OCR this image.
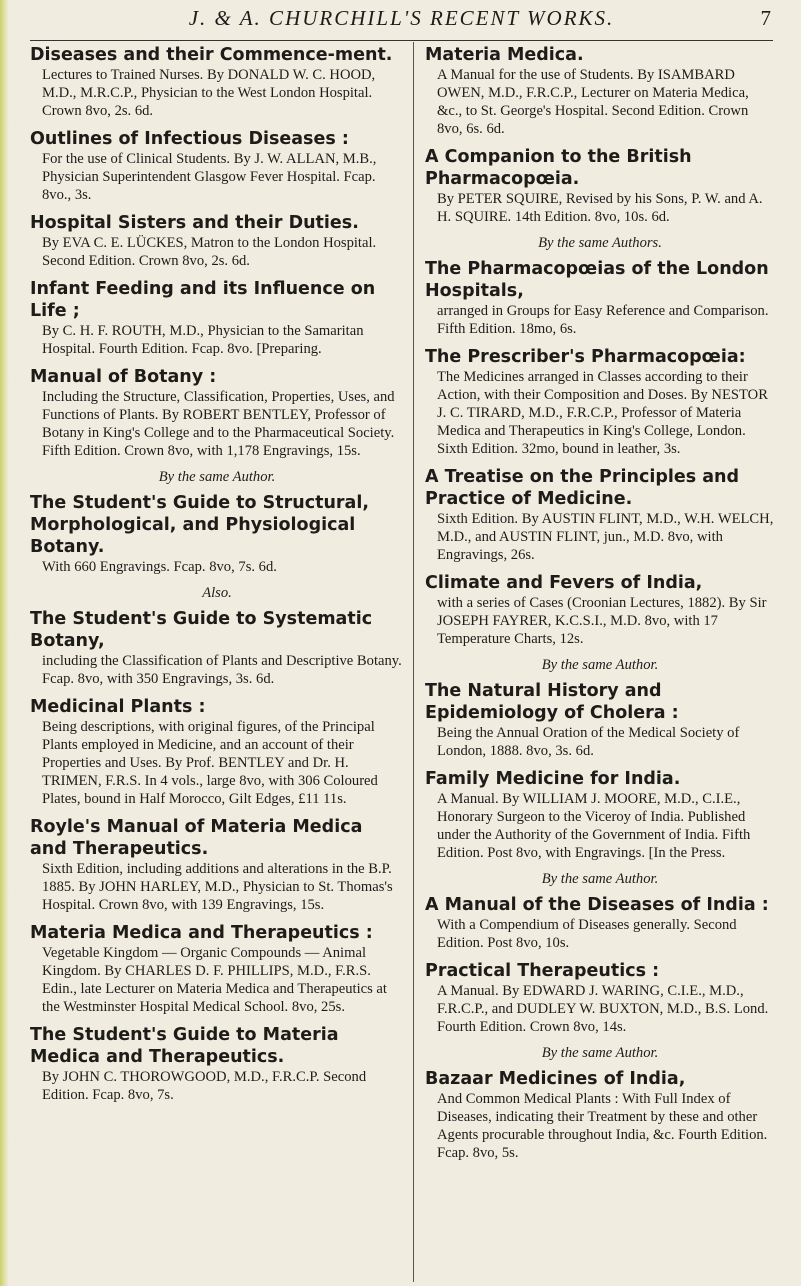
J. & A. CHURCHILL'S RECENT WORKS.	7
Diseases and their Commence-ment.
Lectures to Trained Nurses. By DONALD W. C. HOOD, M.D., M.R.C.P., Physician to the West London Hospital. Crown 8vo, 2s. 6d.
Outlines of Infectious Diseases :
For the use of Clinical Students. By J. W. ALLAN, M.B., Physician Superintendent Glasgow Fever Hospital. Fcap. 8vo., 3s.
Hospital Sisters and their Duties.
By EVA C. E. LÜCKES, Matron to the London Hospital. Second Edition. Crown 8vo, 2s. 6d.
Infant Feeding and its Influence on Life ;
By C. H. F. ROUTH, M.D., Physician to the Samaritan Hospital. Fourth Edition. Fcap. 8vo. [Preparing.
Manual of Botany :
Including the Structure, Classification, Properties, Uses, and Functions of Plants. By ROBERT BENTLEY, Professor of Botany in King's College and to the Pharmaceutical Society. Fifth Edition. Crown 8vo, with 1,178 Engravings, 15s.
By the same Author.
The Student's Guide to Structural, Morphological, and Physiological Botany.
With 660 Engravings. Fcap. 8vo, 7s. 6d.
Also.
The Student's Guide to Systematic Botany,
including the Classification of Plants and Descriptive Botany. Fcap. 8vo, with 350 Engravings, 3s. 6d.
Medicinal Plants :
Being descriptions, with original figures, of the Principal Plants employed in Medicine, and an account of their Properties and Uses. By Prof. BENTLEY and Dr. H. TRIMEN, F.R.S. In 4 vols., large 8vo, with 306 Coloured Plates, bound in Half Morocco, Gilt Edges, £11 11s.
Royle's Manual of Materia Medica and Therapeutics.
Sixth Edition, including additions and alterations in the B.P. 1885. By JOHN HARLEY, M.D., Physician to St. Thomas's Hospital. Crown 8vo, with 139 Engravings, 15s.
Materia Medica and Therapeutics :
Vegetable Kingdom — Organic Compounds — Animal Kingdom. By CHARLES D. F. PHILLIPS, M.D., F.R.S. Edin., late Lecturer on Materia Medica and Therapeutics at the Westminster Hospital Medical School. 8vo, 25s.
The Student's Guide to Materia Medica and Therapeutics.
By JOHN C. THOROWGOOD, M.D., F.R.C.P. Second Edition. Fcap. 8vo, 7s.
Materia Medica.
A Manual for the use of Students. By ISAMBARD OWEN, M.D., F.R.C.P., Lecturer on Materia Medica, &c., to St. George's Hospital. Second Edition. Crown 8vo, 6s. 6d.
A Companion to the British Pharmacopœia.
By PETER SQUIRE, Revised by his Sons, P. W. and A. H. SQUIRE. 14th Edition. 8vo, 10s. 6d.
By the same Authors.
The Pharmacopœias of the London Hospitals,
arranged in Groups for Easy Reference and Comparison. Fifth Edition. 18mo, 6s.
The Prescriber's Pharmacopœia:
The Medicines arranged in Classes according to their Action, with their Composition and Doses. By NESTOR J. C. TIRARD, M.D., F.R.C.P., Professor of Materia Medica and Therapeutics in King's College, London. Sixth Edition. 32mo, bound in leather, 3s.
A Treatise on the Principles and Practice of Medicine.
Sixth Edition. By AUSTIN FLINT, M.D., W.H. WELCH, M.D., and AUSTIN FLINT, jun., M.D. 8vo, with Engravings, 26s.
Climate and Fevers of India,
with a series of Cases (Croonian Lectures, 1882). By Sir JOSEPH FAYRER, K.C.S.I., M.D. 8vo, with 17 Temperature Charts, 12s.
By the same Author.
The Natural History and Epidemiology of Cholera :
Being the Annual Oration of the Medical Society of London, 1888. 8vo, 3s. 6d.
Family Medicine for India.
A Manual. By WILLIAM J. MOORE, M.D., C.I.E., Honorary Surgeon to the Viceroy of India. Published under the Authority of the Government of India. Fifth Edition. Post 8vo, with Engravings. [In the Press.
By the same Author.
A Manual of the Diseases of India :
With a Compendium of Diseases generally. Second Edition. Post 8vo, 10s.
Practical Therapeutics :
A Manual. By EDWARD J. WARING, C.I.E., M.D., F.R.C.P., and DUDLEY W. BUXTON, M.D., B.S. Lond. Fourth Edition. Crown 8vo, 14s.
By the same Author.
Bazaar Medicines of India,
And Common Medical Plants : With Full Index of Diseases, indicating their Treatment by these and other Agents procurable throughout India, &c. Fourth Edition. Fcap. 8vo, 5s.
